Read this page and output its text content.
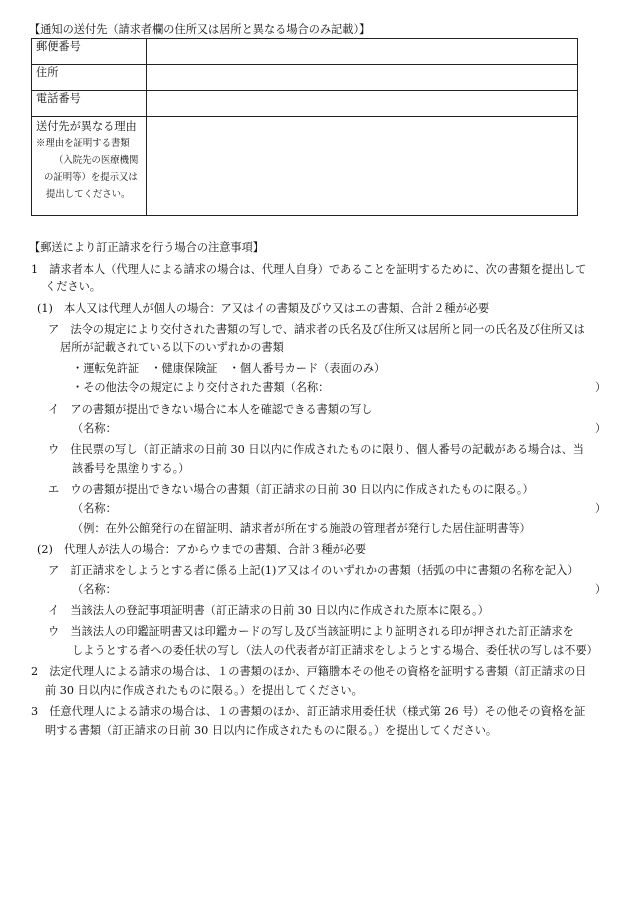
【通知の送付先（請求者欄の住所又は居所と異なる場合のみ記載）】
郵便番号	
住所	
電話番号	

送付先が異なる理由
※理由を証明する書類
（入院先の医療機関
の証明等）を提示又は
提出してください。	

【郵送により訂正請求を行う場合の注意事項】
1　請求者本人（代理人による請求の場合は、代理人自身）であることを証明するために、次の書類を提出して
ください。
(1)　本人又は代理人が個人の場合：ア又はイの書類及びウ又はエの書類、合計２種が必要
ア　法令の規定により交付された書類の写しで、請求者の氏名及び住所又は居所と同一の氏名及び住所又は
居所が記載されている以下のいずれかの書類
・運転免許証　・健康保険証　・個人番号カード（表面のみ）
・その他法令の規定により交付された書類（名称：	）
イ　アの書類が提出できない場合に本人を確認できる書類の写し
（名称：	）
ウ　住民票の写し（訂正請求の日前 30 日以内に作成されたものに限り、個人番号の記載がある場合は、当
該番号を黒塗りする。）
エ　ウの書類が提出できない場合の書類（訂正請求の日前 30 日以内に作成されたものに限る。）
（名称：	）
（例：在外公館発行の在留証明、請求者が所在する施設の管理者が発行した居住証明書等）
(2)　代理人が法人の場合：アからウまでの書類、合計３種が必要
ア　訂正請求をしようとする者に係る上記(1)ア又はイのいずれかの書類（括弧の中に書類の名称を記入）
（名称：	）
イ　当該法人の登記事項証明書（訂正請求の日前 30 日以内に作成された原本に限る。）
ウ　当該法人の印鑑証明書又は印鑑カードの写し及び当該証明により証明される印が押された訂正請求を
しようとする者への委任状の写し（法人の代表者が訂正請求をしようとする場合、委任状の写しは不要）
2　法定代理人による請求の場合は、１の書類のほか、戸籍謄本その他その資格を証明する書類（訂正請求の日
前 30 日以内に作成されたものに限る。）を提出してください。
3　任意代理人による請求の場合は、１の書類のほか、訂正請求用委任状（様式第 26 号）その他その資格を証
明する書類（訂正請求の日前 30 日以内に作成されたものに限る。）を提出してください。
